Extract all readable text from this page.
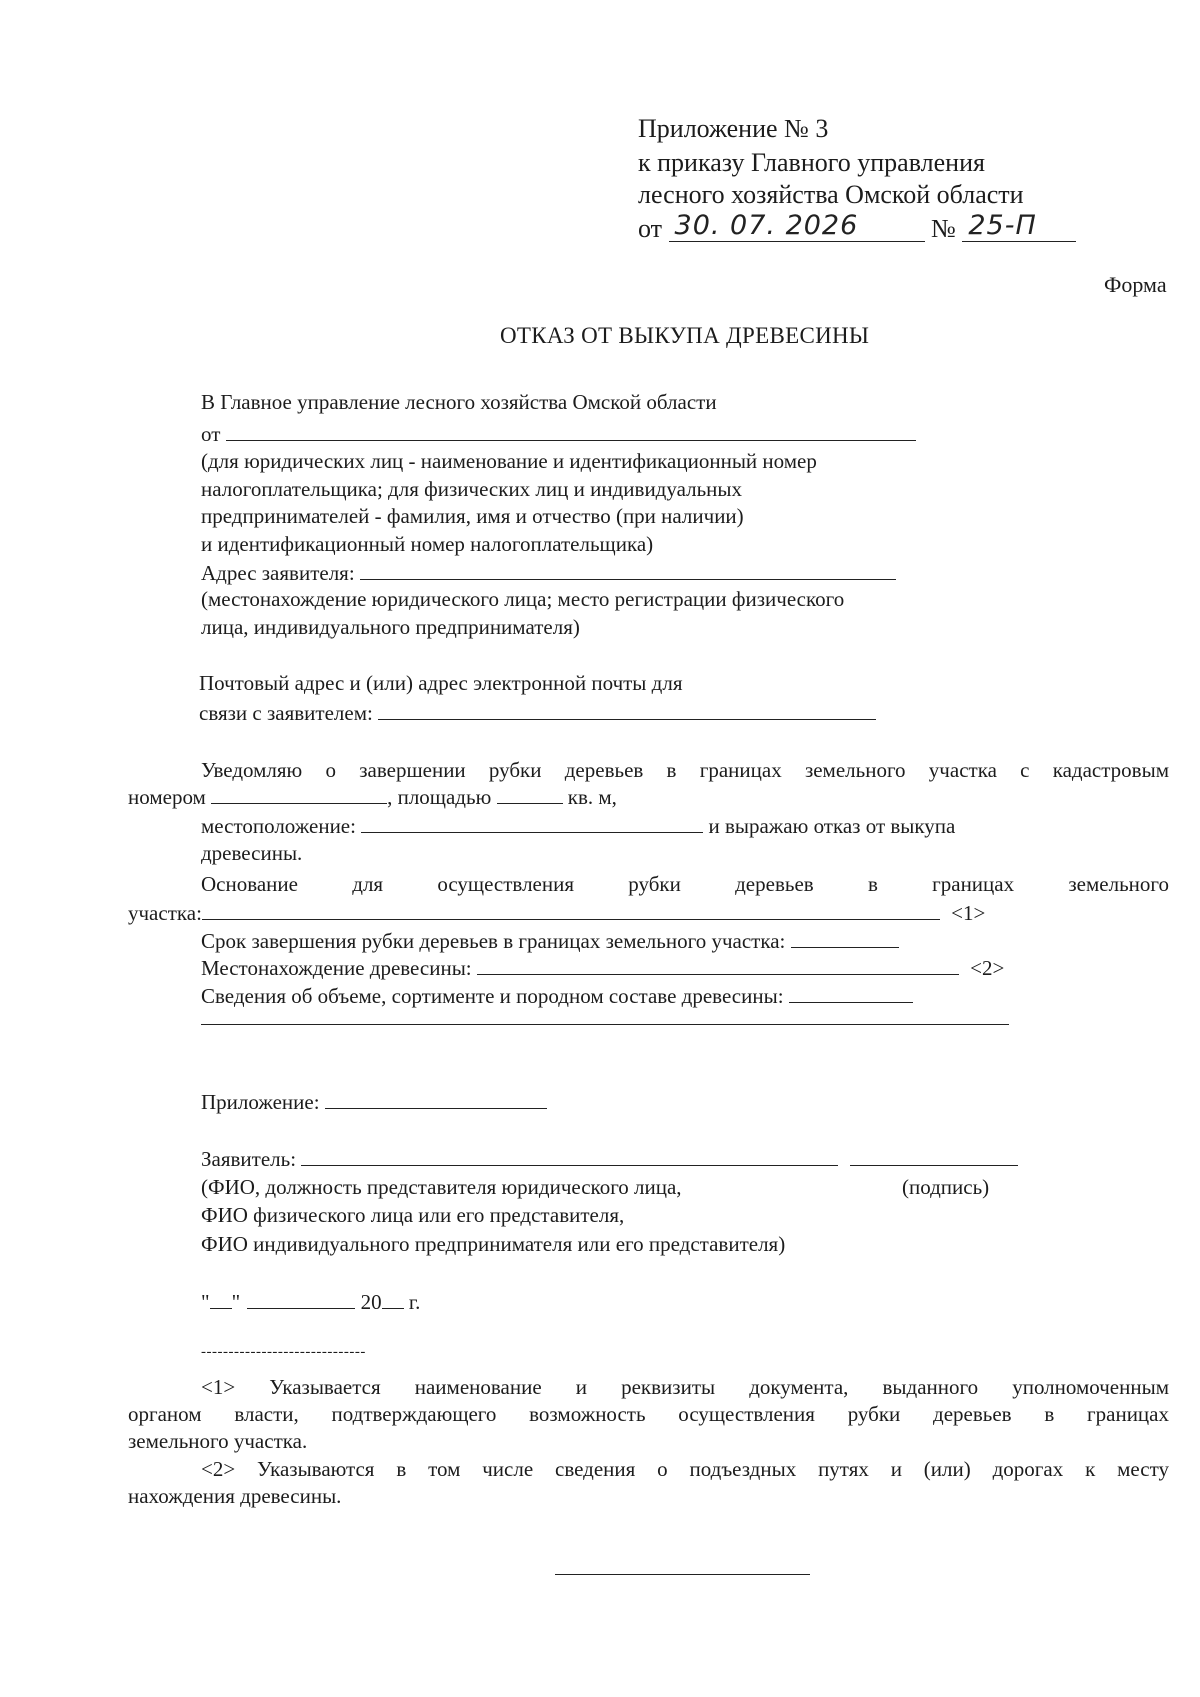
Приложение № 3
к приказу Главного управления
лесного хозяйства Омской области
от 30. 07. 2026	№ 25-П
Форма
ОТКАЗ ОТ ВЫКУПА ДРЕВЕСИНЫ
В Главное управление лесного хозяйства Омской области
от
(для юридических лиц - наименование и идентификационный номер
налогоплательщика; для физических лиц и индивидуальных
предпринимателей - фамилия, имя и отчество (при наличии)
и идентификационный номер налогоплательщика)
Адрес заявителя:
(местонахождение юридического лица; место регистрации физического
лица, индивидуального предпринимателя)
Почтовый адрес и (или) адрес электронной почты для
связи с заявителем:
Уведомляю о завершении рубки деревьев в границах земельного участка с кадастровым
номером	, площадью	кв. м,
местоположение:	и выражаю отказ от выкупа
древесины.
Основание для осуществления рубки деревьев в границах земельного
участка:	<1>
Срок завершения рубки деревьев в границах земельного участка:
Местонахождение древесины:	<2>
Сведения об объеме, сортименте и породном составе древесины:
Приложение:
Заявитель:
(ФИО, должность представителя юридического лица,	(подпись)
ФИО физического лица или его представителя,
ФИО индивидуального предпринимателя или его представителя)
" "	20 г.
------------------------------
<1> Указывается наименование и реквизиты документа, выданного уполномоченным
органом власти, подтверждающего возможность осуществления рубки деревьев в границах
земельного участка.
<2> Указываются в том числе сведения о подъездных путях и (или) дорогах к месту
нахождения древесины.
